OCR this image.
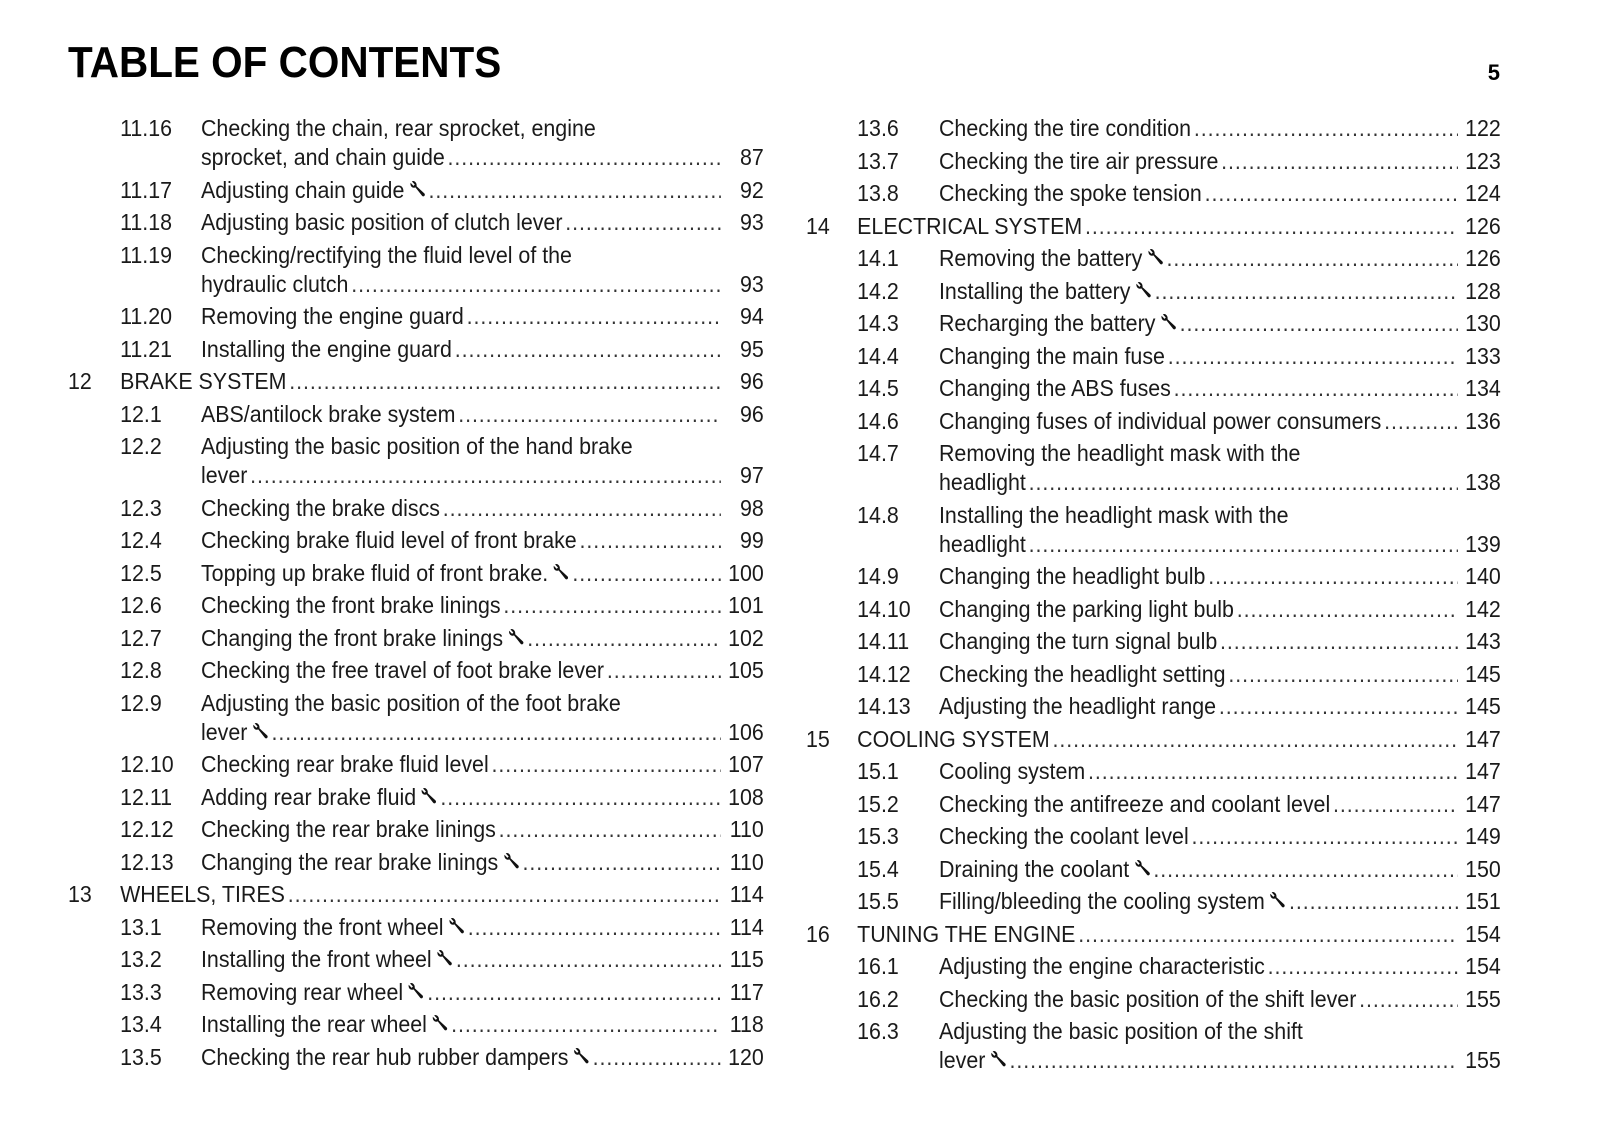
TABLE OF CONTENTS	5
11.16 Checking the chain, rear sprocket, engine
sprocket, and chain guide .....	87
11.17 Adjusting chain guide .....	92
11.18 Adjusting basic position of clutch lever .....	93
11.19 Checking/rectifying the fluid level of the
hydraulic clutch .....	93
11.20 Removing the engine guard .....	94
11.21 Installing the engine guard .....	95
12 BRAKE SYSTEM .....	96
12.1 ABS/antilock brake system .....	96
12.2 Adjusting the basic position of the hand brake
lever .....	97
12.3 Checking the brake discs .....	98
12.4 Checking brake fluid level of front brake .....	99
12.5 Topping up brake fluid of front brake. .....	100
12.6 Checking the front brake linings .....	101
12.7 Changing the front brake linings .....	102
12.8 Checking the free travel of foot brake lever .....	105
12.9 Adjusting the basic position of the foot brake
lever .....	106
12.10 Checking rear brake fluid level .....	107
12.11 Adding rear brake fluid .....	108
12.12 Checking the rear brake linings .....	110
12.13 Changing the rear brake linings .....	110
13 WHEELS, TIRES .....	114
13.1 Removing the front wheel .....	114
13.2 Installing the front wheel .....	115
13.3 Removing rear wheel .....	117
13.4 Installing the rear wheel .....	118
13.5 Checking the rear hub rubber dampers .....	120
13.6 Checking the tire condition .....	122
13.7 Checking the tire air pressure .....	123
13.8 Checking the spoke tension .....	124
14 ELECTRICAL SYSTEM .....	126
14.1 Removing the battery .....	126
14.2 Installing the battery .....	128
14.3 Recharging the battery .....	130
14.4 Changing the main fuse .....	133
14.5 Changing the ABS fuses .....	134
14.6 Changing fuses of individual power consumers .....	136
14.7 Removing the headlight mask with the
headlight .....	138
14.8 Installing the headlight mask with the
headlight .....	139
14.9 Changing the headlight bulb .....	140
14.10 Changing the parking light bulb .....	142
14.11 Changing the turn signal bulb .....	143
14.12 Checking the headlight setting .....	145
14.13 Adjusting the headlight range .....	145
15 COOLING SYSTEM .....	147
15.1 Cooling system .....	147
15.2 Checking the antifreeze and coolant level .....	147
15.3 Checking the coolant level .....	149
15.4 Draining the coolant .....	150
15.5 Filling/bleeding the cooling system .....	151
16 TUNING THE ENGINE .....	154
16.1 Adjusting the engine characteristic .....	154
16.2 Checking the basic position of the shift lever .....	155
16.3 Adjusting the basic position of the shift
lever .....	155
